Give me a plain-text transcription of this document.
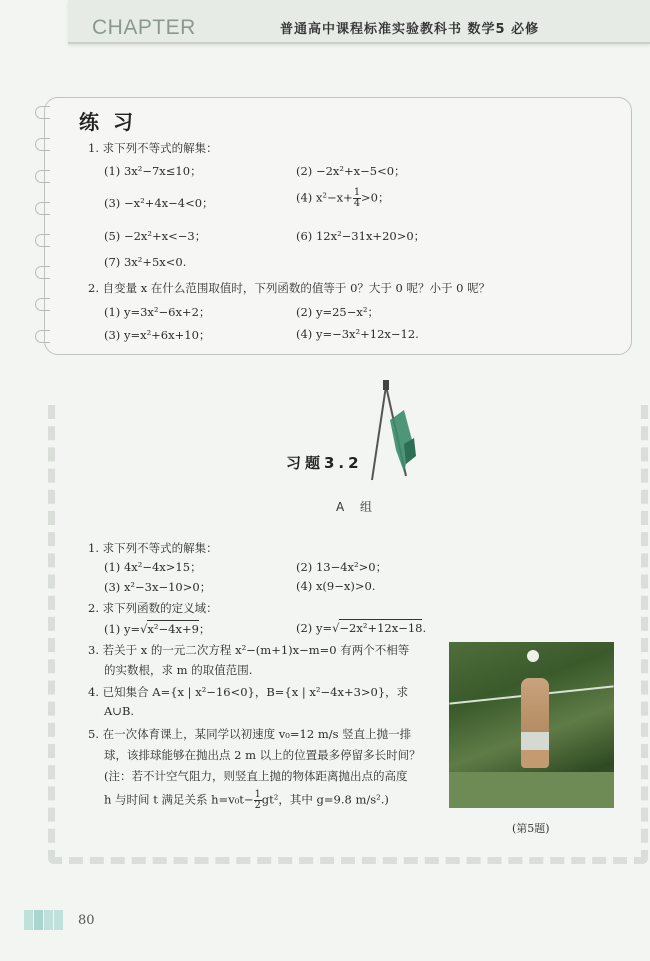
CHAPTER	普通高中课程标准实验教科书 数学5 必修
练习
1. 求下列不等式的解集：
(1) 3x²−7x≤10；	(2) −2x²+x−5<0；
(3) −x²+4x−4<0；	(4) $x^2-x+ \frac{1}{4} >0$；
(5) −2x²+x<−3；	(6) 12x²−31x+20>0；
(7) 3x²+5x<0.
2. 自变量 x 在什么范围取值时，下列函数的值等于 0？大于 0 呢？小于 0 呢？
(1) y=3x²−6x+2；	(2) y=25−x²；
(3) y=x²+6x+10；	(4) y=−3x²+12x−12.
习题3.2
A 组
1. 求下列不等式的解集：
(1) 4x²−4x>15；	(2) 13−4x²>0；
(3) x²−3x−10>0；	(4) x(9−x)>0.
2. 求下列函数的定义域：
(1) y=√x²−4x+9；	(2) y=√−2x²+12x−18.
3. 若关于 x 的一元二次方程 x²−(m+1)x−m=0 有两个不相等
的实数根，求 m 的取值范围.
4. 已知集合 A={x | x²−16<0}，B={x | x²−4x+3>0}，求
A∪B.
5. 在一次体育课上，某同学以初速度 v₀=12 m/s 竖直上抛一排
球，该排球能够在抛出点 2 m 以上的位置最多停留多长时间？
(注：若不计空气阻力，则竖直上抛的物体距离抛出点的高度
h 与时间 t 满足关系 $h=v_0t- \frac{1}{2} gt^2$，其中 g=9.8 m/s².)
(第5题)
80
